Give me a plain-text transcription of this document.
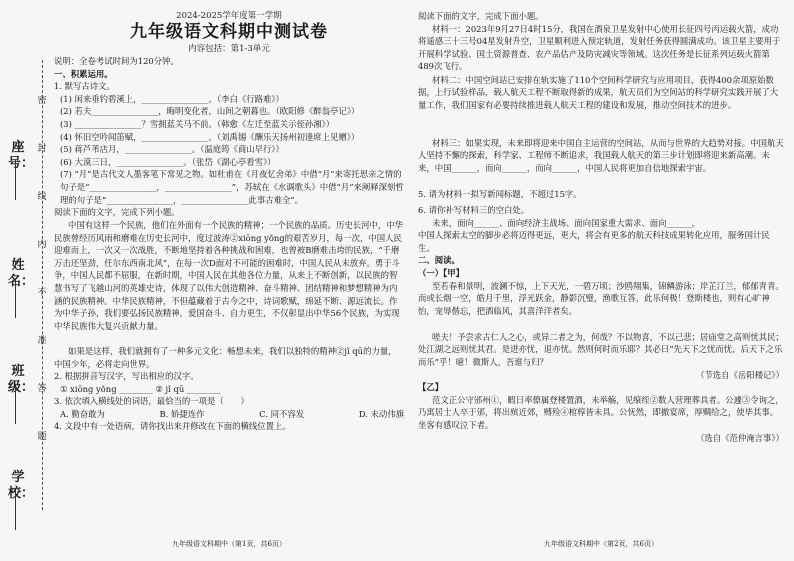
座号：
姓名：
班级：
学校：
密
封
线
内
不
准
答
题
2024-2025学年度第一学期
九年级语文科期中测试卷
内容包括：第1-3单元
说明：全卷考试时间为120分钟。
一、积累运用。
1. 默写古诗文。
(1) 闲来垂钓碧溪上，________________。（李白《行路难》）
(2) 若夫________________，晦明变化者，山间之朝暮也。（欧阳修《醉翁亭记》）
(3) ________________？雪拥蓝关马不前。（韩愈《左迁至蓝关示侄孙湘》）
(4) 怀旧空吟闻笛赋，________________。（刘禹锡《酬乐天扬州初逢席上见赠》）
(5) 蒋芦苇店月，________________。（温庭筠《商山早行》）
(6) 大漠三日，________________。（张岱《湖心亭看雪》）
(7) “月”是古代文人墨客笔下常见之物。如杜甫在《月夜忆舍弟》中借“月”来寄托思亲之情的句子是“________________，________________”，苏轼在《水调歌头》中借“月”来阐释深刻哲理的句子是“________________，________________此事古难全”。
阅读下面的文字，完成下列小题。
中国有这样一个民族，他们在外面有一个民族的精神；一个民族的品质。历史长河中，中华民族曾经历风雨和磨难在历史长河中，度过波涛②xiōng yǒng的艰苦岁月，每一次，中国人民迎难而上，一次又一次战胜，不断地坚持着各种挑战和困难，也曾被B磨难击垮的民族，“千磨万击还坚劲，任尔东西南北风”，在每一次D面对不可能的困难时，中国人民从未放弃。勇于斗争，中国人民都不屈服，在新时期，中国人民在其他各位力量，从来上不断创新，以民族的智慧书写了飞越山河的英雄史诗，体现了以伟大创造精神、奋斗精神、团结精神和梦想精神为内涵的民族精神。中华民族精神，不但蕴藏着于古今之中，诗词歌赋，绵延不断、源远流长。作为中华子孙，我们要弘扬民族精神，爱国奋斗、自力更生，不仅彰显出中华56个民族，为实现中华民族伟大复兴贡献力量。
如果是这样，我们就拥有了一种多元文化：畅想未来，我们以独特的精神②jǐ qū的力量，中国少年，必将走向世界。
2. 根据拼音写汉字，写出相应的汉字。
① xiōng yǒng ________ ② jǐ qū ________
3. 依次填入横线处的词语，最恰当的一项是（　　）
A. 勤奋敢为	B. 娇捷连作	C. 同不容发	D. 未动伟旗
4. 文段中有一处语病，请你找出来并修改在下面的横线位置上。
九年级语文科期中（第1页，共6页）
阅读下面的文字，完成下面小题。
材料一：2023年9月27日4时15分，我国在酒泉卫星发射中心使用长征四号丙运载火箭，成功将遥感三十三号04星发射升空，卫星顺利进入预定轨道，发射任务获得圆满成功。该卫星主要用于开展科学试验、国土资源普查、农产品估产及防灾减灾等领域。这次任务是长征系列运载火箭第489次飞行。
材料二：中国空间站已安排在轨实施了110个空间科学研究与应用项目，获得400余项原始数据，上行试验样品，载人航天工程不断取得新的成果，航天员们为空间站的科学研究实践开展了大量工作，我们国家有必要持续推进载人航天工程的建设和发展，推动空间技术的进步。
材料三：如果实现，未来即将迎来中国自主运营的空间站，从而与世界的大趋势对接。中国航天人坚持不懈的探索，科学家、工程师不断追求，我国载人航天的第三步计划即将迎来新高潮。未来，中国______，而向______，而向______，中国人民将更加自信地探索宇宙。
5. 请为材料一拟写新闻标题，不超过15字。
6. 请你补写材料三的空白处。
未来，面向______、面向经济主战场、面向国家重大需求、面向______，
中国人探索太空的脚步必将迈得更远，更大，将会有更多的航天科技成果转化应用，服务国计民生。
二、阅读。
（一）【甲】
至若春和景明，波澜不惊，上下天光，一碧万顷；沙鸥翔集，锦鳞游泳；岸芷汀兰，郁郁青青。而或长烟一空，皓月千里，浮光跃金，静影沉璧，渔歌互答，此乐何极！登斯楼也，则有心旷神怡，宠辱偕忘，把酒临风，其喜洋洋者矣。
嗟夫！予尝求古仁人之心，或异二者之为，何哉？不以物喜，不以己悲；居庙堂之高则忧其民；处江湖之远则忧其君。是进亦忧，退亦忧。然则何时而乐耶？其必曰“先天下之忧而忧，后天下之乐而乐”乎！噫！微斯人，吾谁与归？
（节选自《岳阳楼记》）
【乙】
范文正公守邠州①，暇日率僚属登楼置酒，未举觞，见缞绖②数人营理葬具者。公遽③令询之，乃寓居士人卒于邠，将出殡近郊，赙殓④棺椁皆未具。公怃然，即撤宴席，厚赒给之，使毕其事。坐客有感叹泣下者。
（选自《范仲淹言事》）
九年级语文科期中（第2页，共6页）
